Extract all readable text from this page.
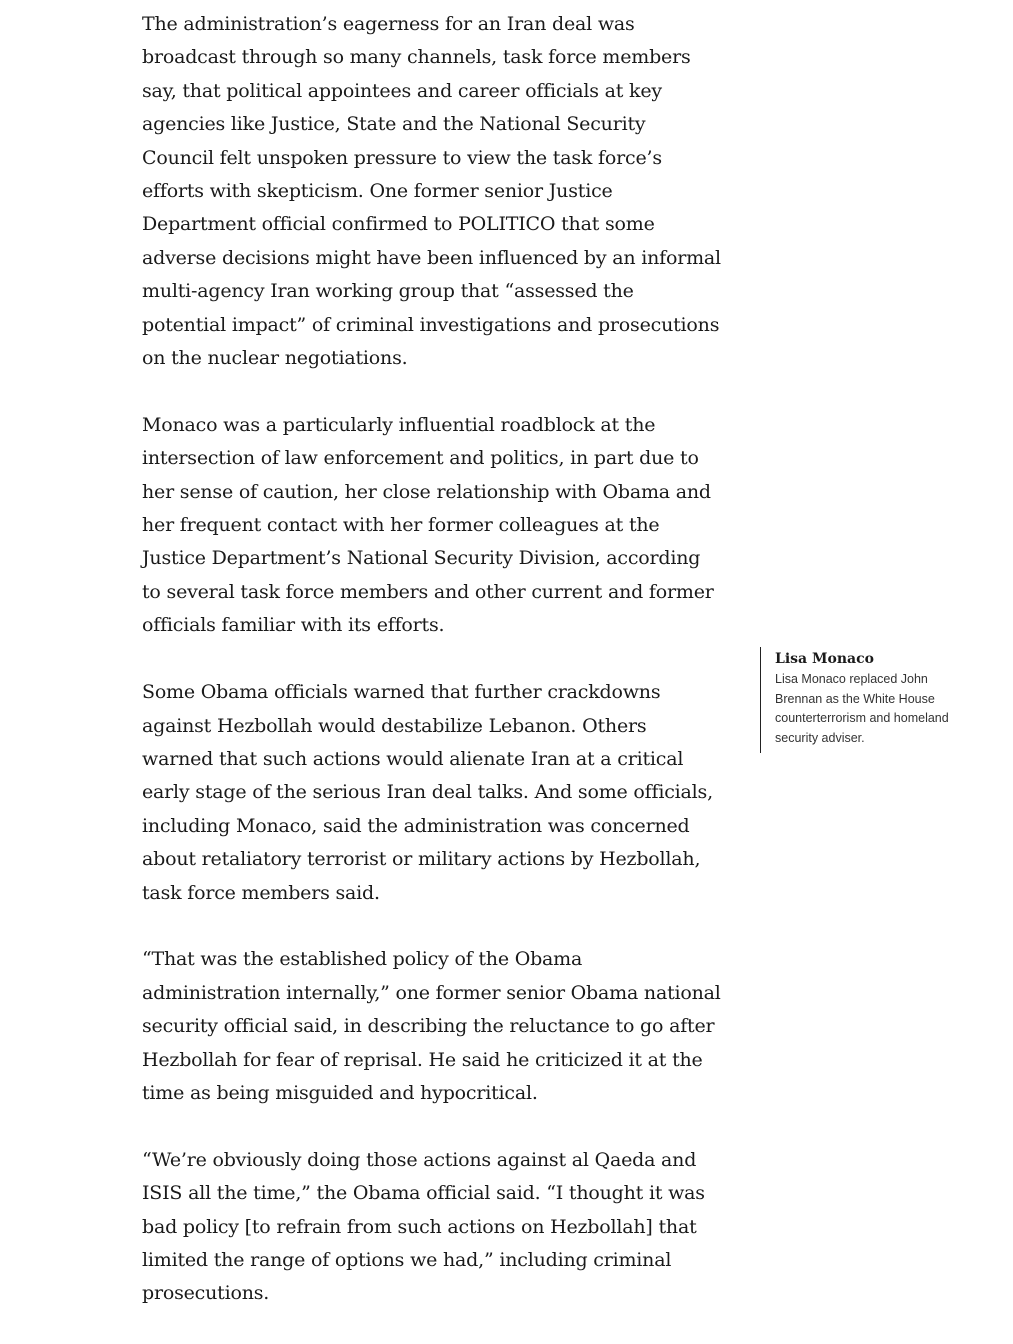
The administration’s eagerness for an Iran deal was broadcast through so many channels, task force members say, that political appointees and career officials at key agencies like Justice, State and the National Security Council felt unspoken pressure to view the task force’s efforts with skepticism. One former senior Justice Department official confirmed to POLITICO that some adverse decisions might have been influenced by an informal multi-agency Iran working group that “assessed the potential impact” of criminal investigations and prosecutions on the nuclear negotiations.

Monaco was a particularly influential roadblock at the intersection of law enforcement and politics, in part due to her sense of caution, her close relationship with Obama and her frequent contact with her former colleagues at the Justice Department’s National Security Division, according to several task force members and other current and former officials familiar with its efforts.

Some Obama officials warned that further crackdowns against Hezbollah would destabilize Lebanon. Others warned that such actions would alienate Iran at a critical early stage of the serious Iran deal talks. And some officials, including Monaco, said the administration was concerned about retaliatory terrorist or military actions by Hezbollah, task force members said.

“That was the established policy of the Obama administration internally,” one former senior Obama national security official said, in describing the reluctance to go after Hezbollah for fear of reprisal. He said he criticized it at the time as being misguided and hypocritical.

“We’re obviously doing those actions against al Qaeda and ISIS all the time,” the Obama official said. “I thought it was bad policy [to refrain from such actions on Hezbollah] that limited the range of options we had,” including criminal prosecutions.

Lisa Monaco

Lisa Monaco replaced John Brennan as the White House counterterrorism and homeland security adviser.
